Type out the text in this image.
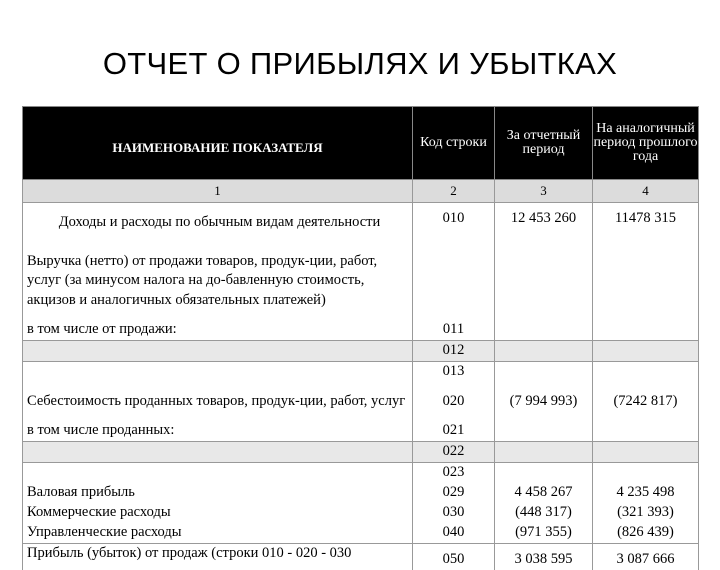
ОТЧЕТ О ПРИБЫЛЯХ И УБЫТКАХ
НАИМЕНОВАНИЕ ПОКАЗАТЕЛЯ	Код строки	За отчетный период	На аналогичный период прошлого года
1	2	3	4
Доходы и расходы по обычным видам деятельности	010	12 453 260	11478 315
Выручка (нетто) от продажи товаров, продук-ции, работ, услуг (за минусом налога на до-бавленную стоимость, акцизов и аналогичных обязательных платежей)			
в том числе от продажи:	011		
	012		
	013		
Себестоимость проданных товаров, продук-ции, работ, услуг	020	(7 994 993)	(7242 817)
в том числе проданных:	021		
	022		
	023		
Валовая прибыль	029	4 458 267	4 235 498
Коммерческие расходы	030	(448 317)	(321 393)
Управленческие расходы	040	(971 355)	(826 439)
Прибыль (убыток) от продаж (строки 010 - 020 - 030	050	3 038 595	3 087 666
